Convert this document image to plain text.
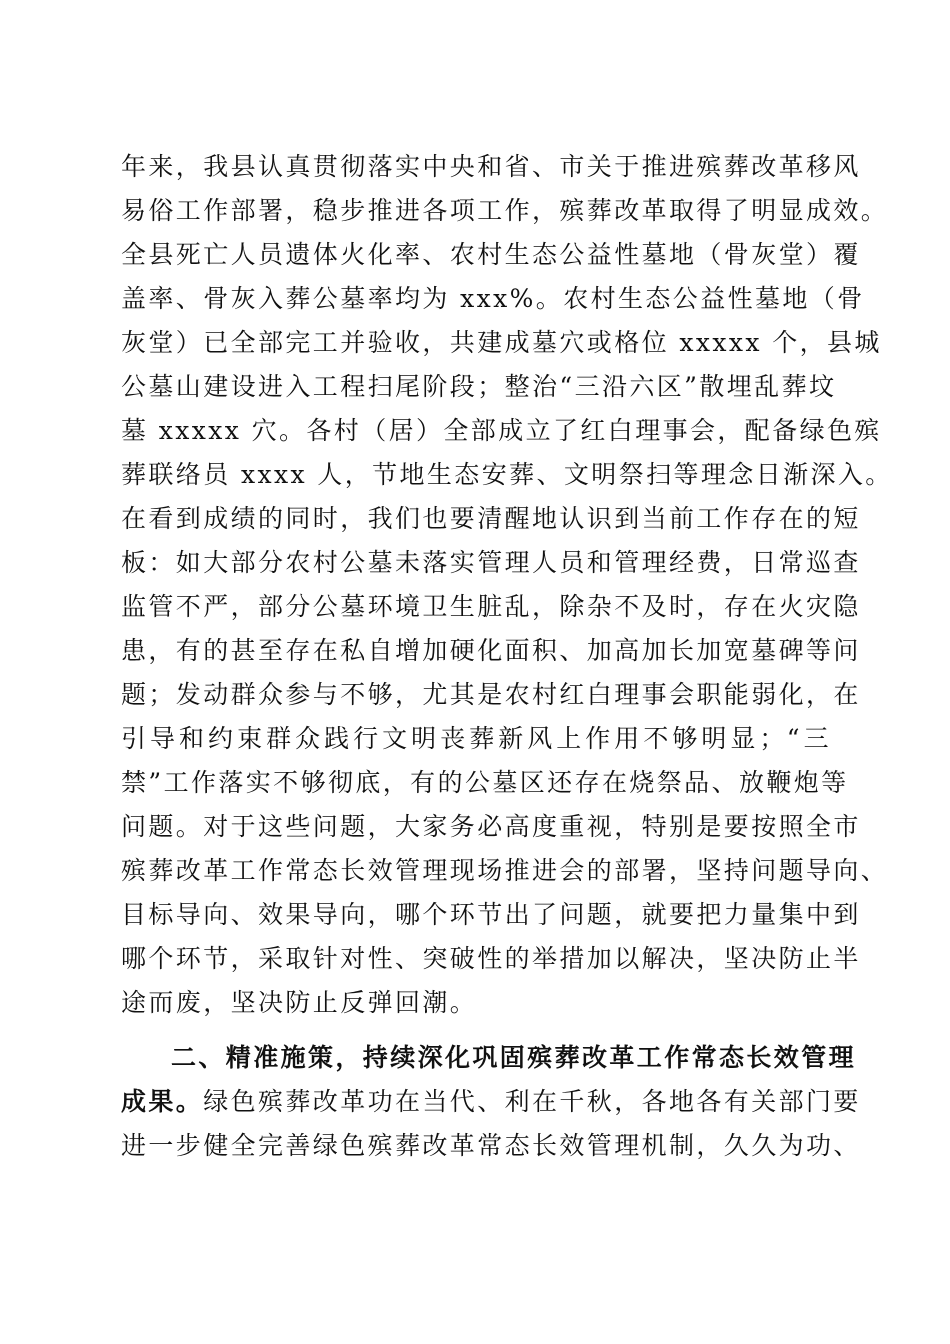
年来，我县认真贯彻落实中央和省、市关于推进殡葬改革移风
易俗工作部署，稳步推进各项工作，殡葬改革取得了明显成效。
全县死亡人员遗体火化率、农村生态公益性墓地（骨灰堂）覆
盖率、骨灰入葬公墓率均为 xxx%。农村生态公益性墓地（骨
灰堂）已全部完工并验收，共建成墓穴或格位 xxxxx 个，县城
公墓山建设进入工程扫尾阶段；整治“三沿六区”散埋乱葬坟
墓 xxxxx 穴。各村（居）全部成立了红白理事会，配备绿色殡
葬联络员 xxxx 人，节地生态安葬、文明祭扫等理念日渐深入。
在看到成绩的同时，我们也要清醒地认识到当前工作存在的短
板：如大部分农村公墓未落实管理人员和管理经费，日常巡查
监管不严，部分公墓环境卫生脏乱，除杂不及时，存在火灾隐
患，有的甚至存在私自增加硬化面积、加高加长加宽墓碑等问
题；发动群众参与不够，尤其是农村红白理事会职能弱化，在
引导和约束群众践行文明丧葬新风上作用不够明显；“三
禁”工作落实不够彻底，有的公墓区还存在烧祭品、放鞭炮等
问题。对于这些问题，大家务必高度重视，特别是要按照全市
殡葬改革工作常态长效管理现场推进会的部署，坚持问题导向、
目标导向、效果导向，哪个环节出了问题，就要把力量集中到
哪个环节，采取针对性、突破性的举措加以解决，坚决防止半
途而废，坚决防止反弹回潮。
二、精准施策，持续深化巩固殡葬改革工作常态长效管理
成果。绿色殡葬改革功在当代、利在千秋，各地各有关部门要
进一步健全完善绿色殡葬改革常态长效管理机制，久久为功、
